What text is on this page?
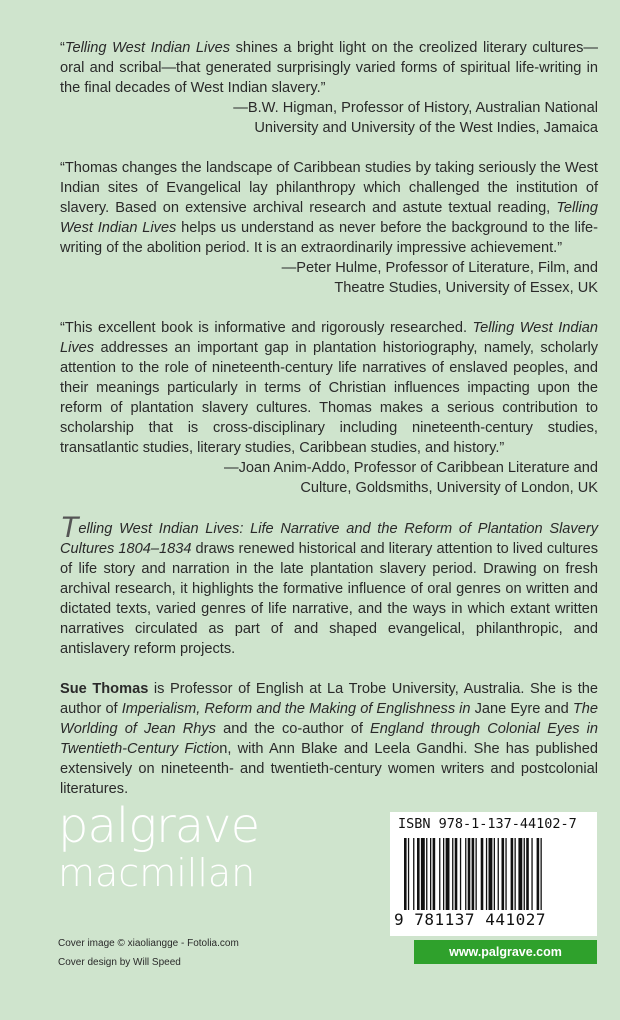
“Telling West Indian Lives shines a bright light on the creolized literary cultures—oral and scribal—that generated surprisingly varied forms of spiritual life-writing in the final decades of West Indian slavery.”

—B.W. Higman, Professor of History, Australian National
University and University of the West Indies, Jamaica

“Thomas changes the landscape of Caribbean studies by taking seriously the West Indian sites of Evangelical lay philanthropy which challenged the institution of slavery. Based on extensive archival research and astute textual reading, Telling West Indian Lives helps us understand as never before the background to the life-writing of the abolition period. It is an extraordinarily impressive achievement.”

—Peter Hulme, Professor of Literature, Film, and
Theatre Studies, University of Essex, UK

“This excellent book is informative and rigorously researched. Telling West Indian Lives addresses an important gap in plantation historiography, namely, scholarly attention to the role of nineteenth-century life narratives of enslaved peoples, and their meanings particularly in terms of Christian influences impacting upon the reform of plantation slavery cultures. Thomas makes a serious contribution to scholarship that is cross-disciplinary including nineteenth-century studies, transatlantic studies, literary studies, Caribbean studies, and history.”

—Joan Anim-Addo, Professor of Caribbean Literature and
Culture, Goldsmiths, University of London, UK

Telling West Indian Lives: Life Narrative and the Reform of Plantation Slavery Cultures 1804–1834 draws renewed historical and literary attention to lived cultures of life story and narration in the late plantation slavery period. Drawing on fresh archival research, it highlights the formative influence of oral genres on written and dictated texts, varied genres of life narrative, and the ways in which extant written narratives circulated as part of and shaped evangelical, philanthropic, and antislavery reform projects.

Sue Thomas is Professor of English at La Trobe University, Australia. She is the author of Imperialism, Reform and the Making of Englishness in Jane Eyre and The Worlding of Jean Rhys and the co-author of England through Colonial Eyes in Twentieth-Century Fiction, with Ann Blake and Leela Gandhi. She has published extensively on nineteenth- and twentieth-century women writers and postcolonial literatures.

palgrave
macmillan
Cover image © xiaoliangge - Fotolia.com
Cover design by Will Speed
ISBN 978-1-137-44102-7
9 781137 441027
www.palgrave.com
